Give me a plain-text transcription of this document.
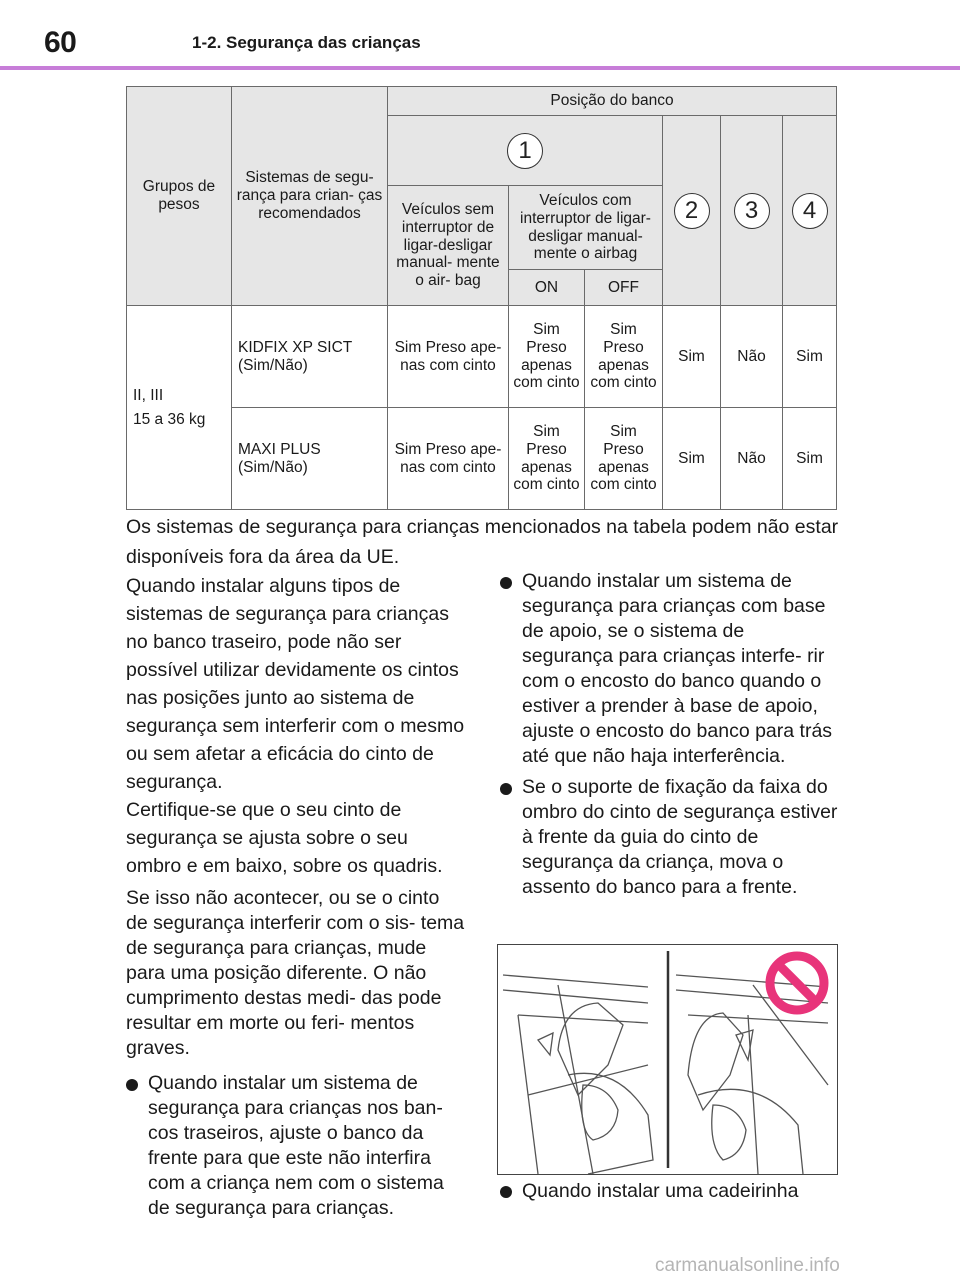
60	1-2. Segurança das crianças
Grupos de pesos	Sistemas de segu- rança para crian- ças recomendados	Posição do banco					
		1			2	3	4
		Veículos sem interruptor de ligar-desligar manual- mente o air- bag	Veículos com interruptor de ligar- desligar manual- mente o airbag				
			ON	OFF			

II, III
15 a 36 kg	KIDFIX XP SICT (Sim/Não)	Sim Preso ape- nas com cinto	Sim Preso apenas com cinto	Sim Preso apenas com cinto	Sim	Não	Sim
	MAXI PLUS (Sim/Não)	Sim Preso ape- nas com cinto	Sim Preso apenas com cinto	Sim Preso apenas com cinto	Sim	Não	Sim
Os sistemas de segurança para crianças mencionados na tabela podem não estar disponíveis fora da área da UE.
Quando instalar alguns tipos de sistemas de segurança para crianças no banco traseiro, pode não ser possível utilizar devidamente os cintos nas posições junto ao sistema de segurança sem interferir com o mesmo ou sem afetar a eficácia do cinto de segurança.
Certifique-se que o seu cinto de segurança se ajusta sobre o seu ombro e em baixo, sobre os quadris.
Se isso não acontecer, ou se o cinto de segurança interferir com o sis- tema de segurança para crianças, mude para uma posição diferente. O não cumprimento destas medi- das pode resultar em morte ou feri- mentos graves.
Quando instalar um sistema de segurança para crianças nos ban- cos traseiros, ajuste o banco da frente para que este não interfira com a criança nem com o sistema de segurança para crianças.
Quando instalar um sistema de segurança para crianças com base de apoio, se o sistema de segurança para crianças interfe- rir com o encosto do banco quando o estiver a prender à base de apoio, ajuste o encosto do banco para trás até que não haja interferência.
Se o suporte de fixação da faixa do ombro do cinto de segurança estiver à frente da guia do cinto de segurança da criança, mova o assento do banco para a frente.
Quando instalar uma cadeirinha
carmanualsonline.info
